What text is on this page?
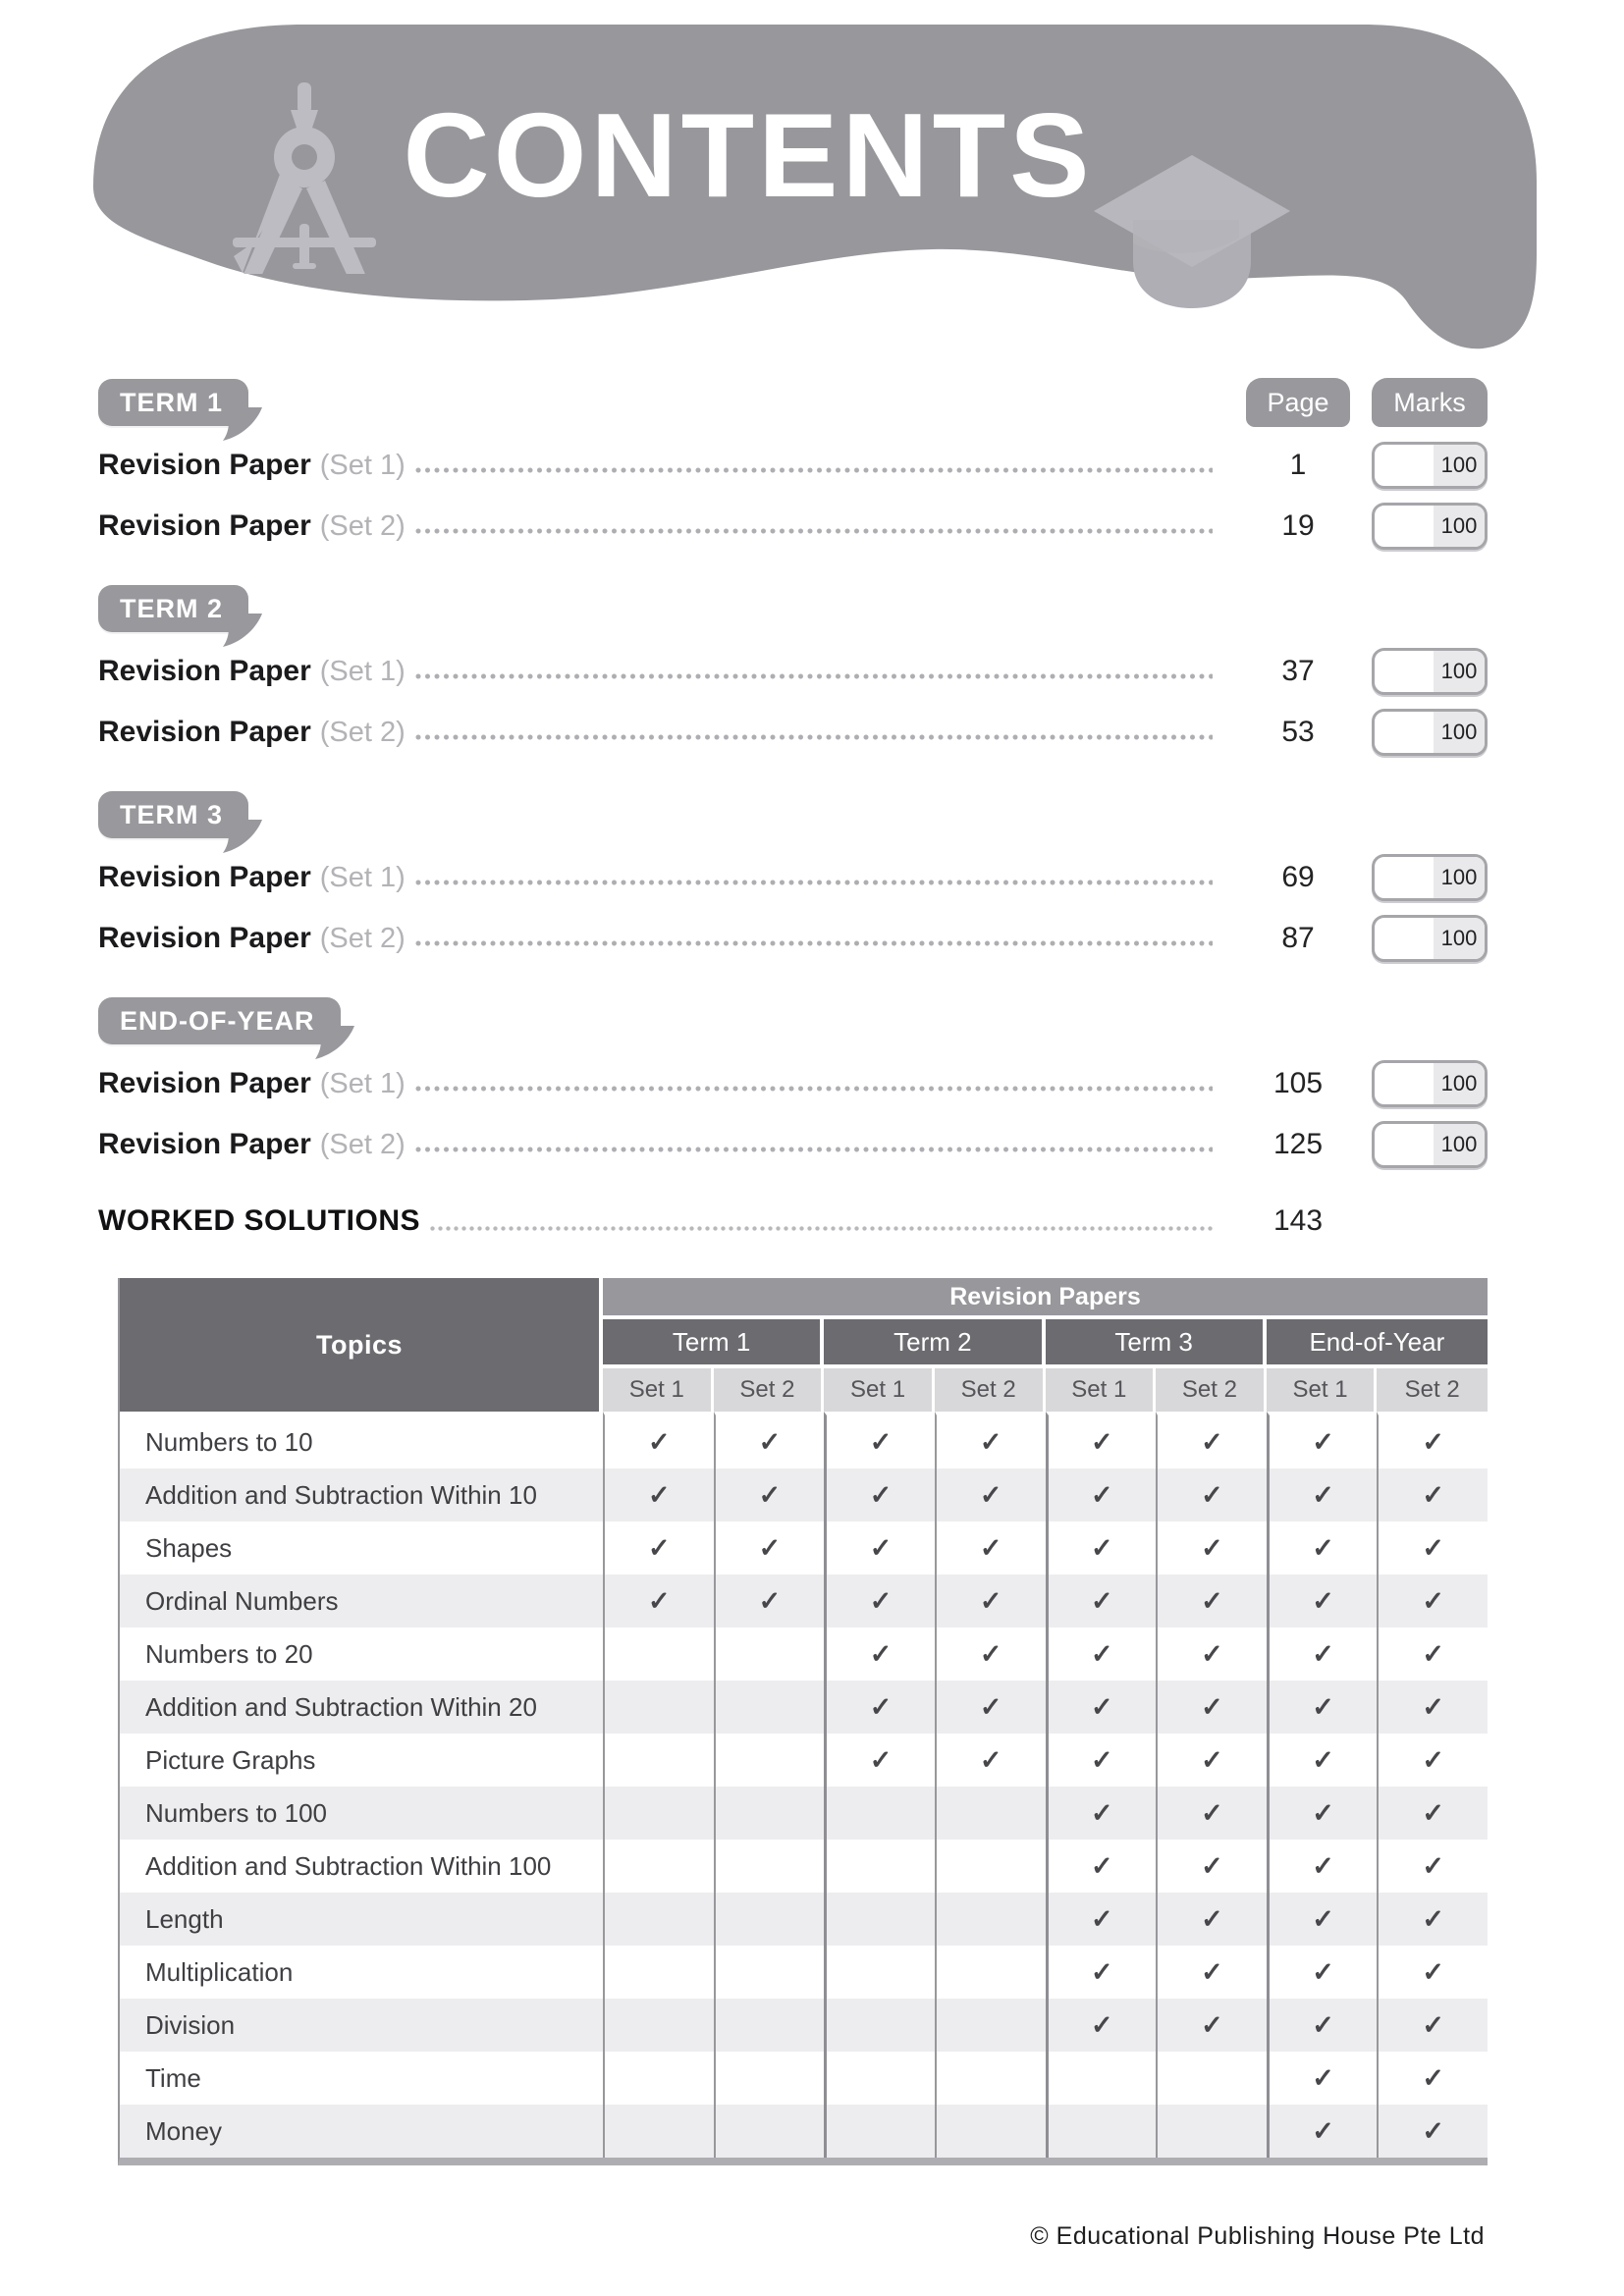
CONTENTS
TERM 1	Page	Marks
Revision Paper (Set 1)	1	100
Revision Paper (Set 2)	19	100
TERM 2
Revision Paper (Set 1)	37	100
Revision Paper (Set 2)	53	100
TERM 3
Revision Paper (Set 1)	69	100
Revision Paper (Set 2)	87	100
END-OF-YEAR
Revision Paper (Set 1)	105	100
Revision Paper (Set 2)	125	100
WORKED SOLUTIONS	143
Topics	Revision Papers							
	Term 1		Term 2		Term 3		End-of-Year	
	Set 1	Set 2	Set 1	Set 2	Set 1	Set 2	Set 1	Set 2
Numbers to 10	✓	✓	✓	✓	✓	✓	✓	✓
Addition and Subtraction Within 10	✓	✓	✓	✓	✓	✓	✓	✓
Shapes	✓	✓	✓	✓	✓	✓	✓	✓
Ordinal Numbers	✓	✓	✓	✓	✓	✓	✓	✓
Numbers to 20			✓	✓	✓	✓	✓	✓
Addition and Subtraction Within 20			✓	✓	✓	✓	✓	✓
Picture Graphs			✓	✓	✓	✓	✓	✓
Numbers to 100					✓	✓	✓	✓
Addition and Subtraction Within 100					✓	✓	✓	✓
Length					✓	✓	✓	✓
Multiplication					✓	✓	✓	✓
Division					✓	✓	✓	✓
Time							✓	✓
Money							✓	✓
© Educational Publishing House Pte Ltd
